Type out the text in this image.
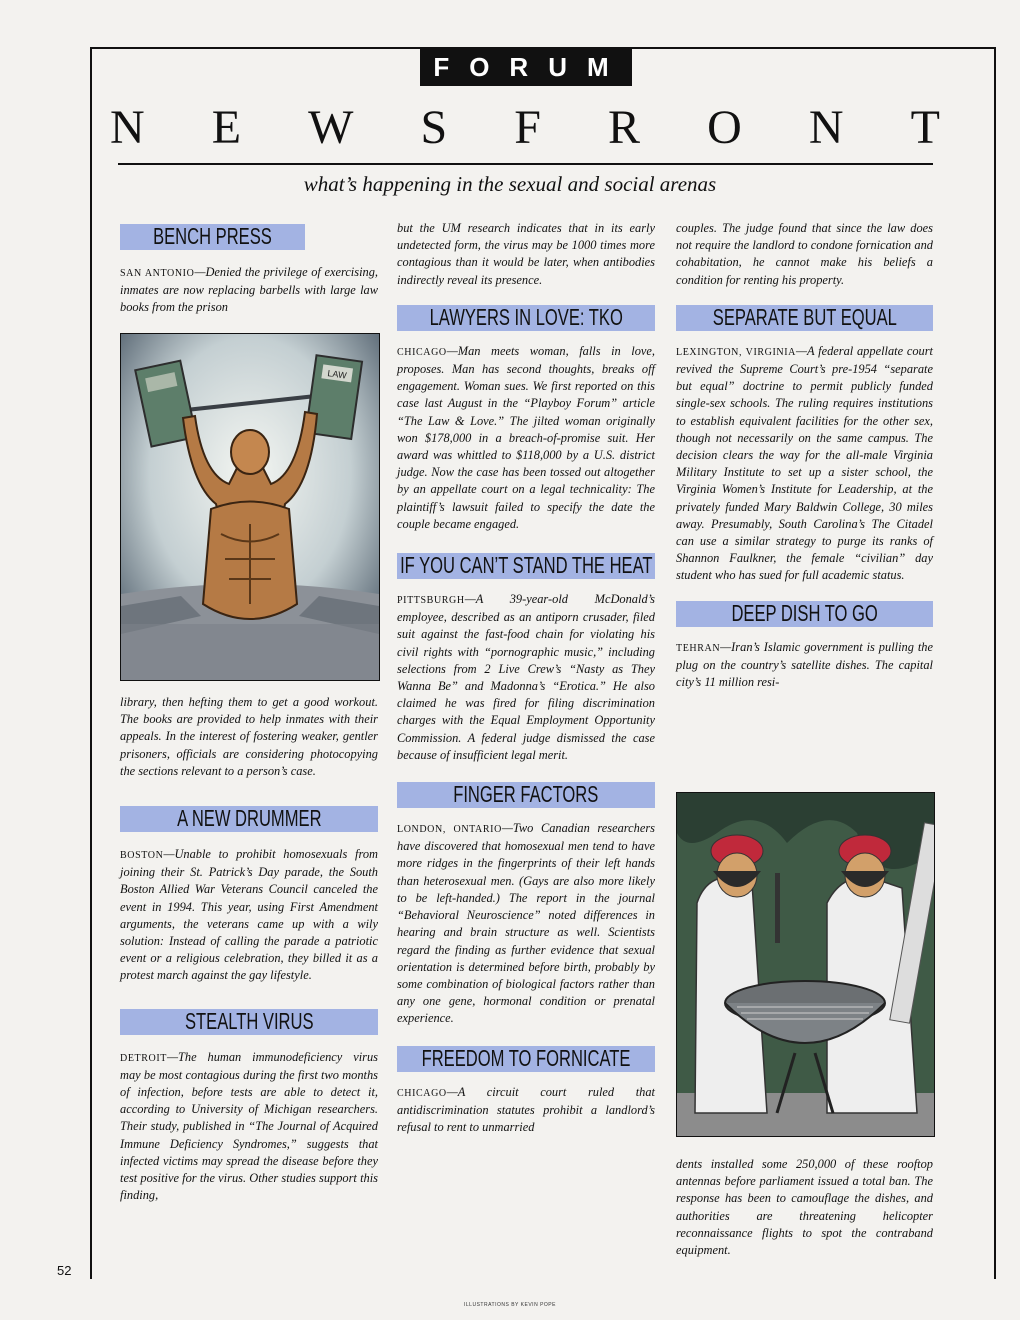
FORUM
N E W S F R O N T
what’s happening in the sexual and social arenas
BENCH PRESS

SAN ANTONIO—Denied the privilege of exercising, inmates are now replacing barbells with large law books from the prison

LAW

library, then hefting them to get a good workout. The books are provided to help inmates with their appeals. In the interest of fostering weaker, gentler prisoners, officials are considering photocopying the sections relevant to a person’s case.

A NEW DRUMMER

BOSTON—Unable to prohibit homosexuals from joining their St. Patrick’s Day parade, the South Boston Allied War Veterans Council canceled the event in 1994. This year, using First Amendment arguments, the veterans came up with a wily solution: Instead of calling the parade a patriotic event or a religious celebration, they billed it as a protest march against the gay lifestyle.

STEALTH VIRUS

DETROIT—The human immunodeficiency virus may be most contagious during the first two months of infection, before tests are able to detect it, according to University of Michigan researchers. Their study, published in “The Journal of Acquired Immune Deficiency Syndromes,” suggests that infected victims may spread the disease before they test positive for the virus. Other studies support this finding,

but the UM research indicates that in its early undetected form, the virus may be 1000 times more contagious than it would be later, when antibodies indirectly reveal its presence.

LAWYERS IN LOVE: TKO

CHICAGO—Man meets woman, falls in love, proposes. Man has second thoughts, breaks off engagement. Woman sues. We first reported on this case last August in the “Playboy Forum” article “The Law & Love.” The jilted woman originally won $178,000 in a breach-of-promise suit. Her award was whittled to $118,000 by a U.S. district judge. Now the case has been tossed out altogether by an appellate court on a legal technicality: The plaintiff’s lawsuit failed to specify the date the couple became engaged.

IF YOU CAN’T STAND THE HEAT

PITTSBURGH—A 39-year-old McDonald’s employee, described as an antiporn crusader, filed suit against the fast-food chain for violating his civil rights with “pornographic music,” including selections from 2 Live Crew’s “Nasty as They Wanna Be” and Madonna’s “Erotica.” He also claimed he was fired for filing discrimination charges with the Equal Employment Opportunity Commission. A federal judge dismissed the case because of insufficient legal merit.

FINGER FACTORS

LONDON, ONTARIO—Two Canadian researchers have discovered that homosexual men tend to have more ridges in the fingerprints of their left hands than heterosexual men. (Gays are also more likely to be left-handed.) The report in the journal “Behavioral Neuroscience” noted differences in hearing and brain structure as well. Scientists regard the finding as further evidence that sexual orientation is determined before birth, probably by some combination of biological factors rather than any one gene, hormonal condition or prenatal experience.

FREEDOM TO FORNICATE

CHICAGO—A circuit court ruled that antidiscrimination statutes prohibit a landlord’s refusal to rent to unmarried

couples. The judge found that since the law does not require the landlord to condone fornication and cohabitation, he cannot make his beliefs a condition for renting his property.

SEPARATE BUT EQUAL

LEXINGTON, VIRGINIA—A federal appellate court revived the Supreme Court’s pre-1954 “separate but equal” doctrine to permit publicly funded single-sex schools. The ruling requires institutions to establish equivalent facilities for the other sex, though not necessarily on the same campus. The decision clears the way for the all-male Virginia Military Institute to set up a sister school, the Virginia Women’s Institute for Leadership, at the privately funded Mary Baldwin College, 30 miles away. Presumably, South Carolina’s The Citadel can use a similar strategy to purge its ranks of Shannon Faulkner, the female “civilian” day student who has sued for full academic status.

DEEP DISH TO GO

TEHRAN—Iran’s Islamic government is pulling the plug on the country’s satellite dishes. The capital city’s 11 million resi-

dents installed some 250,000 of these rooftop antennas before parliament issued a total ban. The response has been to camouflage the dishes, and authorities are threatening helicopter reconnaissance flights to spot the contraband equipment.

52
ILLUSTRATIONS BY KEVIN POPE
